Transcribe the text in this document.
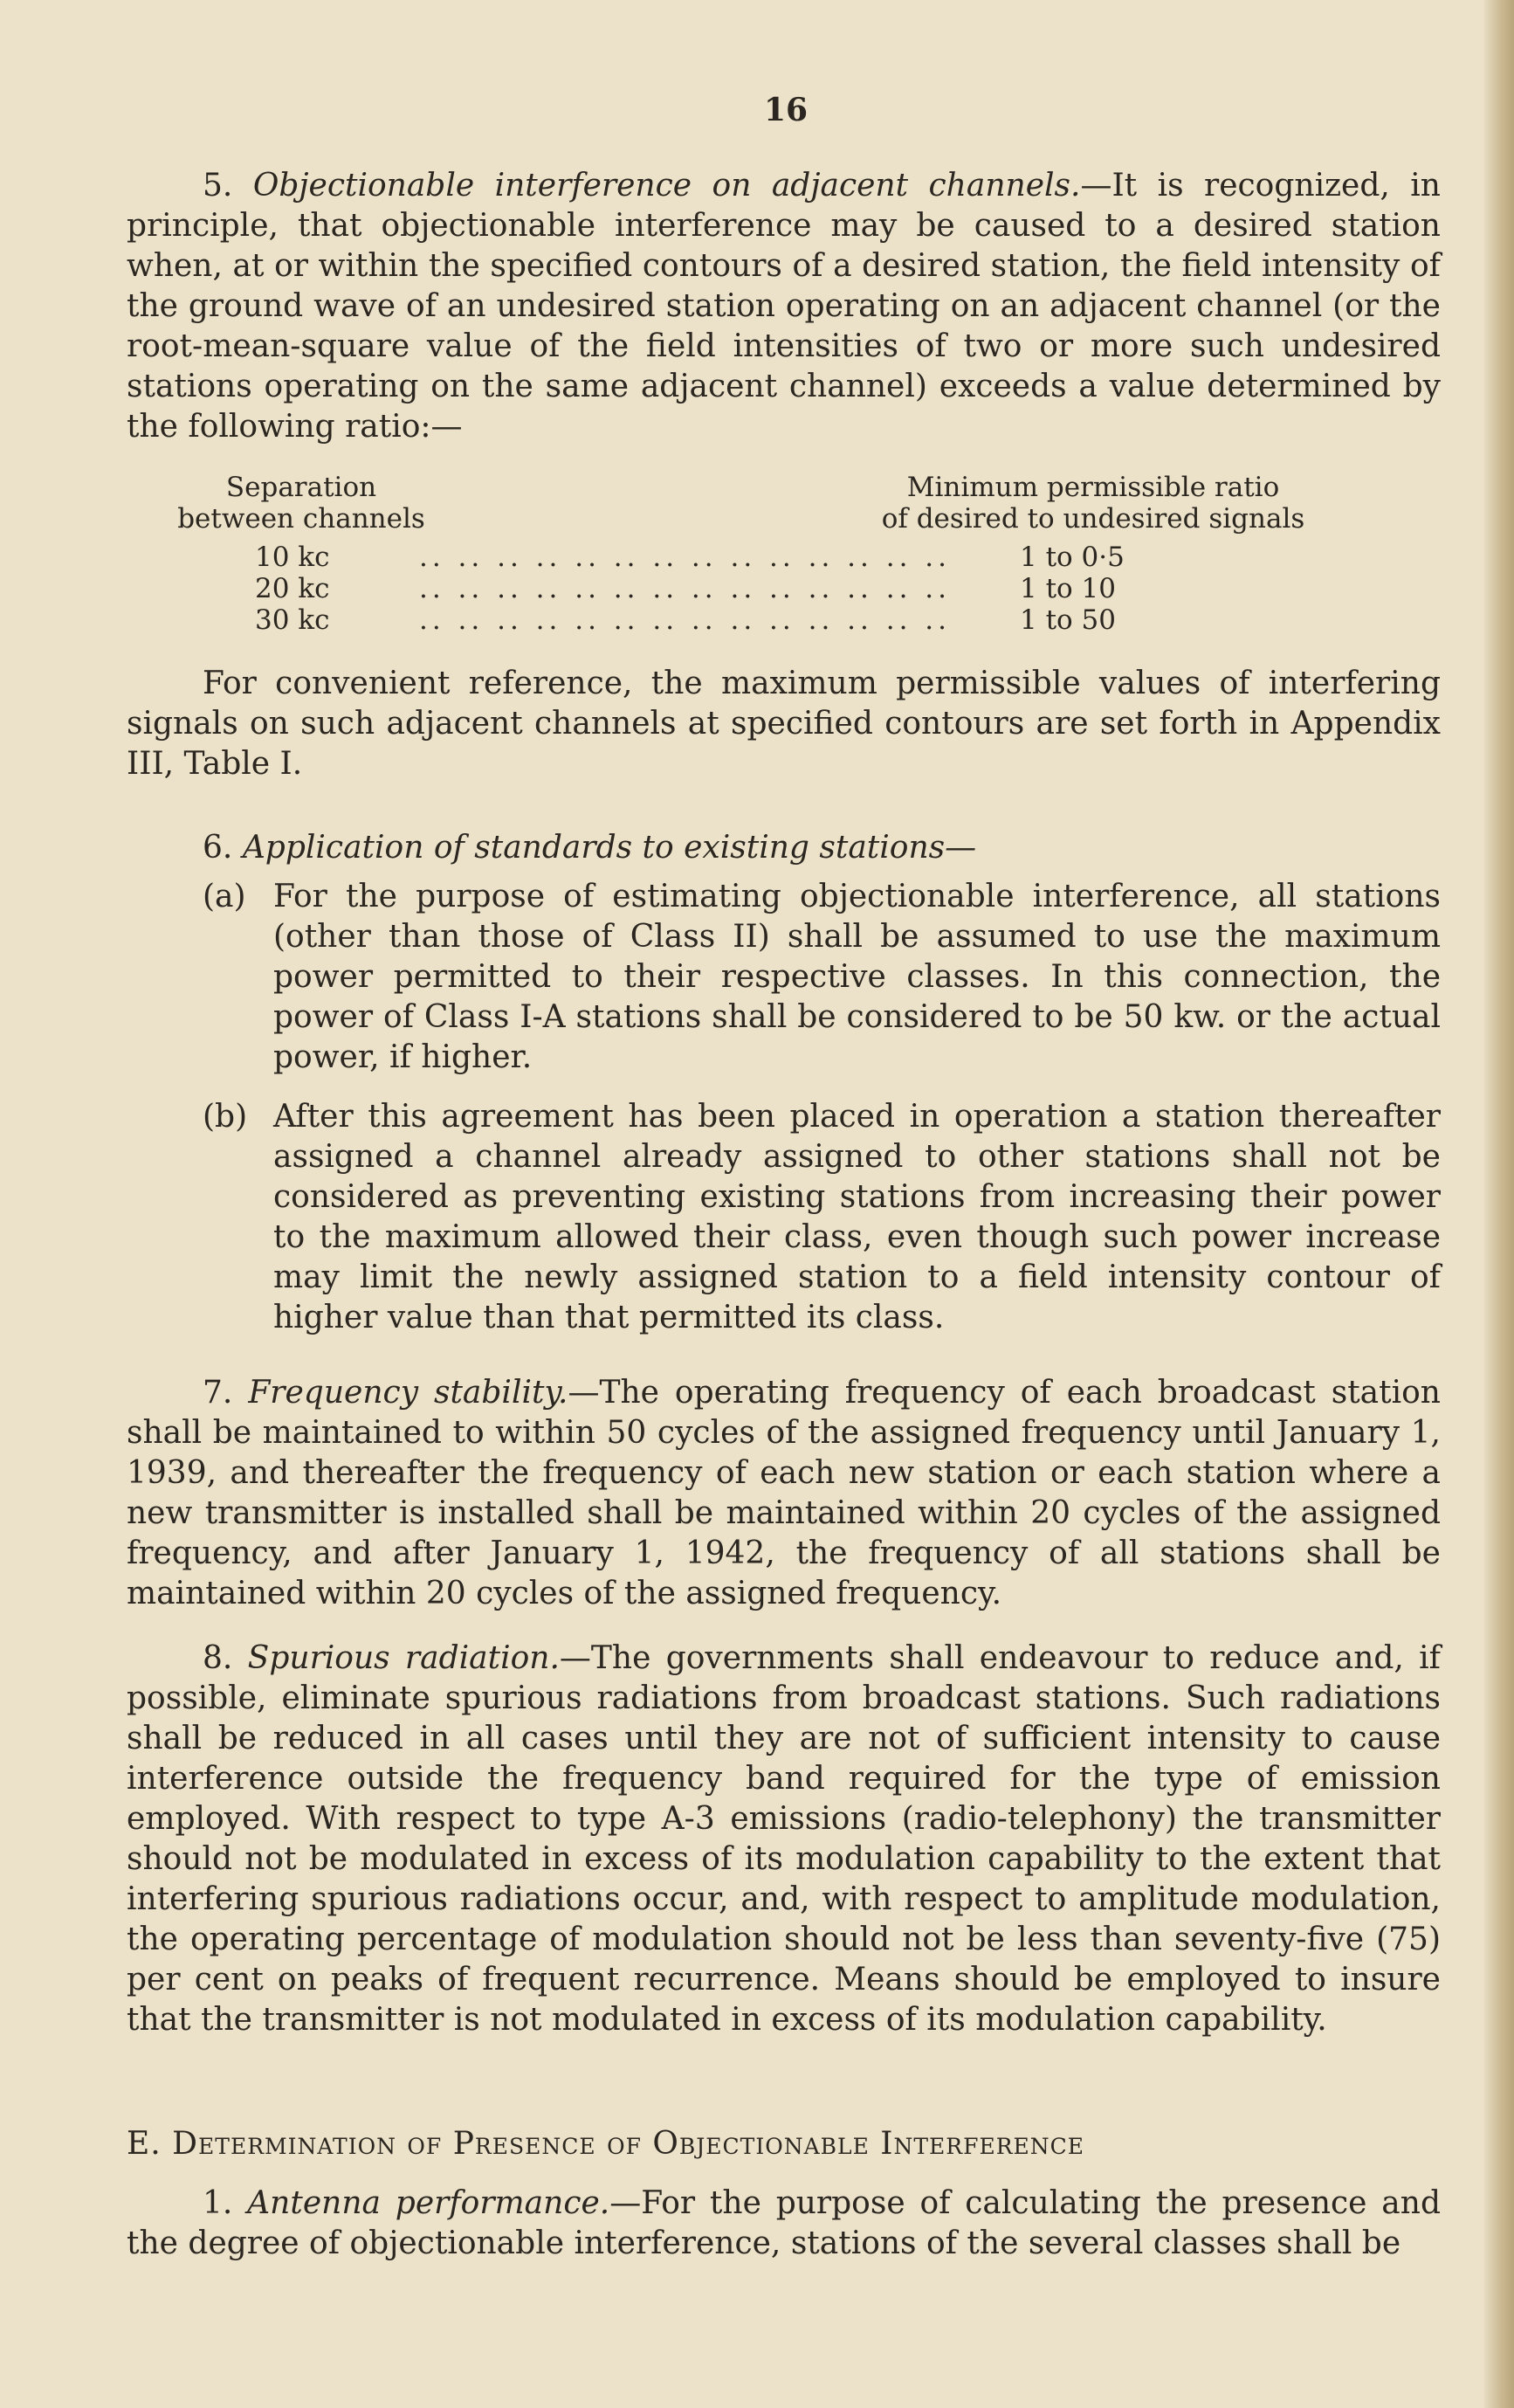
16

5. Objectionable interference on adjacent channels.—It is recognized, in principle, that objectionable interference may be caused to a desired station when, at or within the specified contours of a desired station, the field intensity of the ground wave of an undesired station operating on an adjacent channel (or the root-mean-square value of the field intensities of two or more such undesired stations operating on the same adjacent channel) exceeds a value determined by the following ratio:—

Separation
between channels
Minimum permissible ratio
of desired to undesired signals
10 kc	.. .. .. .. .. .. .. .. .. .. .. .. .. ..	1 to 0·5
20 kc	.. .. .. .. .. .. .. .. .. .. .. .. .. ..	1 to 10
30 kc	.. .. .. .. .. .. .. .. .. .. .. .. .. ..	1 to 50

For convenient reference, the maximum permissible values of interfering signals on such adjacent channels at specified contours are set forth in Appendix III, Table I.

6. Application of standards to existing stations—

(a) For the purpose of estimating objectionable interference, all stations (other than those of Class II) shall be assumed to use the maximum power permitted to their respective classes. In this connection, the power of Class I-A stations shall be considered to be 50 kw. or the actual power, if higher.

(b) After this agreement has been placed in operation a station thereafter assigned a channel already assigned to other stations shall not be considered as preventing existing stations from increasing their power to the maximum allowed their class, even though such power increase may limit the newly assigned station to a field intensity contour of higher value than that permitted its class.

7. Frequency stability.—The operating frequency of each broadcast station shall be maintained to within 50 cycles of the assigned frequency until January 1, 1939, and thereafter the frequency of each new station or each station where a new transmitter is installed shall be maintained within 20 cycles of the assigned frequency, and after January 1, 1942, the frequency of all stations shall be maintained within 20 cycles of the assigned frequency.

8. Spurious radiation.—The governments shall endeavour to reduce and, if possible, eliminate spurious radiations from broadcast stations. Such radiations shall be reduced in all cases until they are not of sufficient intensity to cause interference outside the frequency band required for the type of emission employed. With respect to type A-3 emissions (radio-telephony) the transmitter should not be modulated in excess of its modulation capability to the extent that interfering spurious radiations occur, and, with respect to amplitude modulation, the operating percentage of modulation should not be less than seventy-five (75) per cent on peaks of frequent recurrence. Means should be employed to insure that the transmitter is not modulated in excess of its modulation capability.

E. Determination of Presence of Objectionable Interference

1. Antenna performance.—For the purpose of calculating the presence and the degree of objectionable interference, stations of the several classes shall be
